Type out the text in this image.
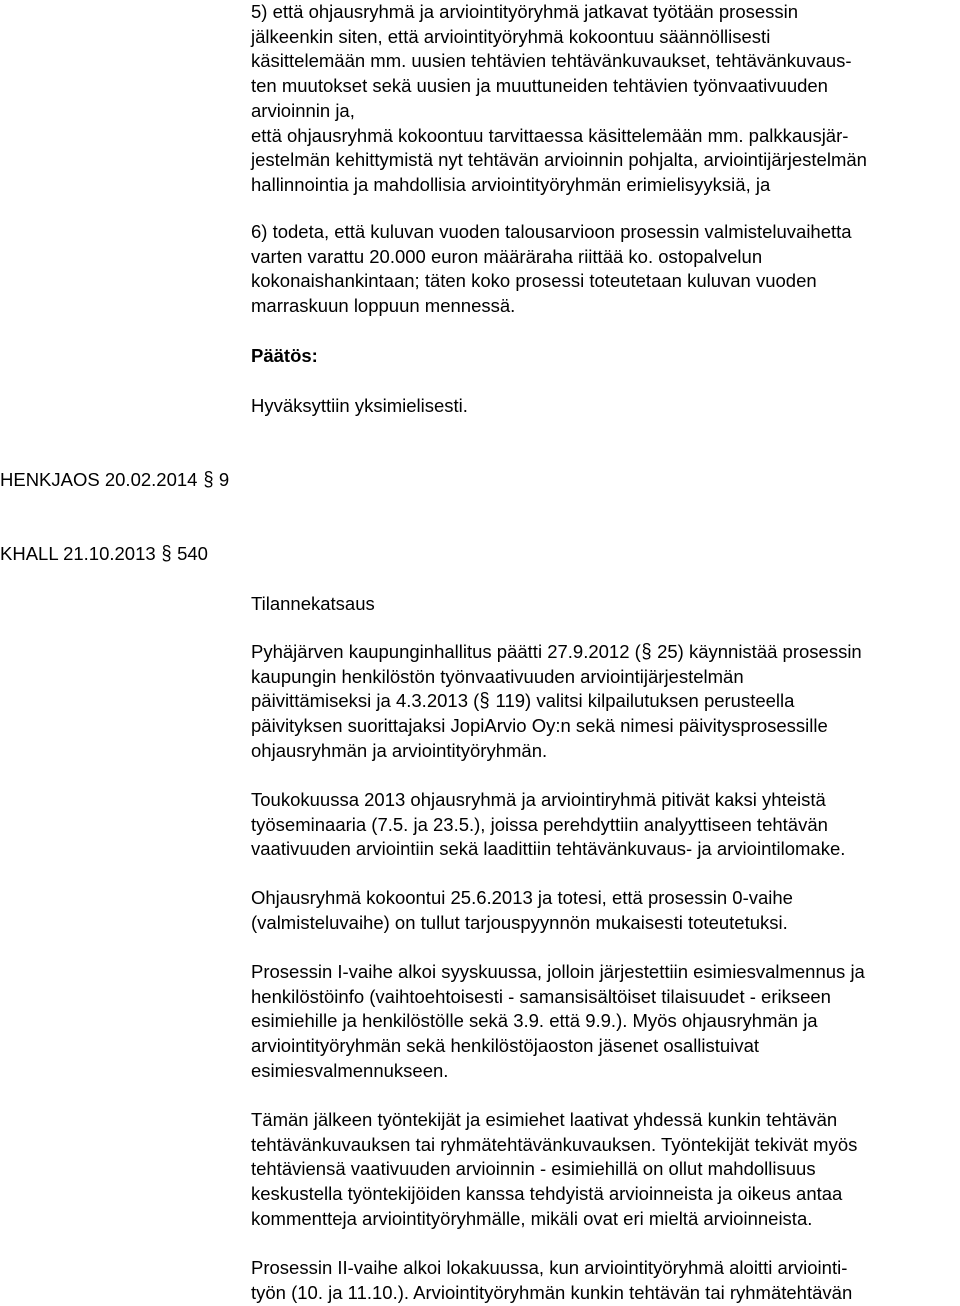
5) että ohjausryhmä ja arviointityöryhmä jatkavat työtään prosessin
jälkeenkin siten, että arviointityöryhmä kokoontuu säännöllisesti
käsittelemään mm. uusien tehtävien tehtävänkuvaukset, tehtävänkuvaus-
ten muutokset sekä uusien ja muuttuneiden tehtävien työnvaativuuden
arvioinnin ja,
että ohjausryhmä kokoontuu tarvittaessa käsittelemään mm. palkkausjär-
jestelmän kehittymistä nyt tehtävän arvioinnin pohjalta, arviointijärjestelmän
hallinnointia ja mahdollisia arviointityöryhmän erimielisyyksiä, ja
6) todeta, että kuluvan vuoden talousarvioon prosessin valmisteluvaihetta
varten varattu 20.000 euron määräraha riittää ko. ostopalvelun
kokonaishankintaan; täten koko prosessi toteutetaan kuluvan vuoden
marraskuun loppuun mennessä.
Päätös:
Hyväksyttiin yksimielisesti.
HENKJAOS 20.02.2014 § 9
KHALL 21.10.2013 § 540
Tilannekatsaus
Pyhäjärven kaupunginhallitus päätti 27.9.2012 (§ 25) käynnistää prosessin
kaupungin henkilöstön työnvaativuuden arviointijärjestelmän
päivittämiseksi ja 4.3.2013 (§ 119) valitsi kilpailutuksen perusteella
päivityksen suorittajaksi JopiArvio Oy:n sekä nimesi päivitysprosessille
ohjausryhmän ja arviointityöryhmän.
Toukokuussa 2013 ohjausryhmä ja arviointiryhmä pitivät kaksi yhteistä
työseminaaria (7.5. ja 23.5.), joissa perehdyttiin analyyttiseen tehtävän
vaativuuden arviointiin sekä laadittiin tehtävänkuvaus- ja arviointilomake.
Ohjausryhmä kokoontui 25.6.2013 ja totesi, että prosessin 0-vaihe
(valmisteluvaihe) on tullut tarjouspyynnön mukaisesti toteutetuksi.
Prosessin I-vaihe alkoi syyskuussa, jolloin järjestettiin esimiesvalmennus ja
henkilöstöinfo (vaihtoehtoisesti - samansisältöiset tilaisuudet - erikseen
esimiehille ja henkilöstölle sekä 3.9. että 9.9.). Myös ohjausryhmän ja
arviointityöryhmän sekä henkilöstöjaoston jäsenet osallistuivat
esimiesvalmennukseen.
Tämän jälkeen työntekijät ja esimiehet laativat yhdessä kunkin tehtävän
tehtävänkuvauksen tai ryhmätehtävänkuvauksen. Työntekijät tekivät myös
tehtäviensä vaativuuden arvioinnin - esimiehillä on ollut mahdollisuus
keskustella työntekijöiden kanssa tehdyistä arvioinneista ja oikeus antaa
kommentteja arviointityöryhmälle, mikäli ovat eri mieltä arvioinneista.
Prosessin II-vaihe alkoi lokakuussa, kun arviointityöryhmä aloitti arviointi-
työn (10. ja 11.10.). Arviointityöryhmän kunkin tehtävän tai ryhmätehtävän
